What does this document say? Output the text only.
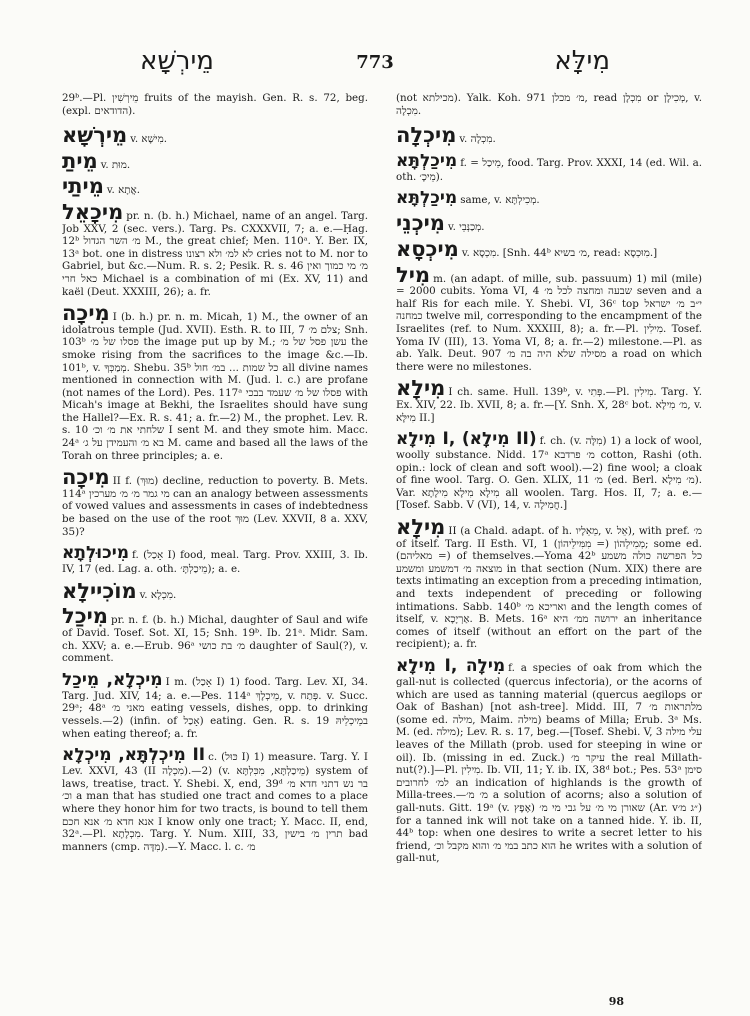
מֵירְשָׁא	773	מִילָּא

29ᵇ.—Pl. מֵירְשִׁין fruits of the mayish. Gen. R. s. 72, beg. (expl. הדודאים).

מֵירְשָׁא v. מִישָׁא.

מֵיתַ v. מוּת.

מֵיתַי v. אֲתָא.

מִיכָאֵל pr. n. (b. h.) Michael, name of an angel. Targ. Job XXV, 2 (sec. vers.). Targ. Ps. CXXXVII, 7; a. e.—Ḥag. 12ᵇ מ׳ השר הגדול M., the great chief; Men. 110ᵃ. Y. Ber. IX, 13ᵃ bot. one in distress לא למ׳ ולא רצונו cries not to M. nor to Gabriel, but &c.—Num. R. s. 2; Pesik. R. s. 46 מ׳ מי כמוך ואין כאל חרי Michael is a combination of mi (Ex. XV, 11) and kaël (Deut. XXXIII, 26); a. fr.

מִיכָה I (b. h.) pr. n. m. Micah, 1) M., the owner of an idolatrous temple (Jud. XVII). Esth. R. to III, 7 צלם מ׳; Snh. 103ᵇ פסלו של מ׳ the image put up by M.; עשן פסל של מ׳ the smoke rising from the sacrifices to the image &c.—Ib. 101ᵇ, v. מְמַכְּךָ. Shebu. 35ᵇ כל שמות ... במ׳ חול all divine names mentioned in connection with M. (Jud. l. c.) are profane (not names of the Lord). Pes. 117ᵃ פסלו של מ׳ שעמד בבכי with Micah's image at Bekhi, the Israelites should have sung the Hallel?—Ex. R. s. 41; a. fr.—2) M., the prophet. Lev. R. s. 10 שלחתי את מ׳ וכ׳ I sent M. and they smote him. Macc. 24ᵃ בא מ׳ והעמידן על ג׳ M. came and based all the laws of the Torah on three principles; a. e.

מִיכָה II f. (מוּךְ) decline, reduction to poverty. B. Mets. 114ᵃ מי גמר מ׳ מ׳ מערכין can an analogy between assessments of vowed values and assessments in cases of indebtedness be based on the use of the root מוּךְ (Lev. XXVII, 8 a. XXV, 35)?

מִיכוּלְתָא f. (אָכַל I) food, meal. Targ. Prov. XXIII, 3. Ib. IV, 17 (ed. Lag. a. oth. מֵיכַלְתָּ׳); a. e.

מוֹכִיילָא v. מִכְלָא.

מִיכַל pr. n. f. (b. h.) Michal, daughter of Saul and wife of David. Tosef. Sot. XI, 15; Snh. 19ᵇ. Ib. 21ᵃ. Midr. Sam. ch. XXV; a. e.—Erub. 96ᵃ מ׳ בת כושי daughter of Saul(?), v. comment.

מִיכְלָא, מֵיכַל I m. (אָכַל I) 1) food. Targ. Lev. XI, 34. Targ. Jud. XIV, 14; a. e.—Pes. 114ᵃ מֵיכְלָךְ, v. פְּתַח. v. Succ. 29ᵃ; 48ᵃ מאני מ׳ eating vessels, dishes, opp. to drinking vessels.—2) (infin. of אָכַל) eating. Gen. R. s. 19 במֵיכְלֵיהּ when eating thereof; a. fr.

מִיכְלְתָּא, מִיכְלָא II c. (כּוּל I) 1) measure. Targ. Y. I Lev. XXVI, 43 (II מִכְלָה).—2) (v. מֵיכַלְתָּא, מִכִּלְתָּא) system of laws, treatise, tract. Y. Shebi. X, end, 39ᵈ בר נש דתני חדא מ׳ וכ׳ a man that has studied one tract and comes to a place where they honor him for two tracts, is bound to tell them אנא חדא מ׳ אנא חכם I know only one tract; Y. Macc. II, end, 32ᵃ.—Pl. מִכְלָתָא. Targ. Y. Num. XIII, 33, תרין מ׳ בישין bad manners (cmp. מִדָּה).—Y. Macc. l. c. מ׳

(not מכילתא). Yalk. Koh. 971 מ׳ מכלן, read מִכְלָן or מְכִילָן, v. מִכְלָה.

מִיכְלָה v. מִכְלָה.

מִיכַלְתָּא f. = מֵיכַל, food. Targ. Prov. XXXI, 14 (ed. Wil. a. oth. מֵיכָ׳).

מִיכַלְתָּא same, v. מְכִילְתָּא.

מִיכְנֵי v. מְכַנְּבֵי.

מִיכְסָא v. מִכְסָא. [Snh. 44ᵇ מ׳ בשיא, read: מִוּכְסָא.]

מִיל m. (an adapt. of mille, sub. passuum) 1) mil (mile) = 2000 cubits. Yoma VI, 4 שבעה ומחצה לכל מ׳ seven and a half Ris for each mile. Y. Shebi. VI, 36ᶜ top י״ב מ׳ ישראל כמחנה twelve mil, corresponding to the encampment of the Israelites (ref. to Num. XXXIII, 8); a. fr.—Pl. מִילִין. Tosef. Yoma IV (III), 13. Yoma VI, 8; a. fr.—2) milestone.—Pl. as ab. Yalk. Deut. 907 מסילה שלא היה בה מ׳ a road on which there were no milestones.

מִילָא I ch. same. Hull. 139ᵇ, v. פְּתִי.—Pl. מִילִין. Targ. Y. Ex. XIV, 22. Ib. XVII, 8; a. fr.—[Y. Snh. X, 28ᶜ bot. מ׳ מִילָא, v. מִילָּא II.]

מִילָא I, (מִילָא II) f. ch. (v. מִלָּה) 1) a lock of wool, woolly substance. Nidd. 17ᵃ מ׳ פרדבא cotton, Rashi (oth. opin.: lock of clean and soft wool).—2) fine wool; a cloak of fine wool. Targ. O. Gen. XLIX, 11 מ׳ (ed. Berl. מ׳ מִילָא). Var. מִילָא מִילָא מִילָתָא all woolen. Targ. Hos. II, 7; a. e.—[Tosef. Sabb. V (VI), 14, v. חֲמִילָה.]

מִילָא II (a Chald. adapt. of h. מֵאֵלָיו, v. אֵל), with pref. מ׳ of itself. Targ. II Esth. VI, 1 (מִמִּילֵיהוֹן =) מְמִילְהוֹן; some ed. (מאליהם =) of themselves.—Yoma 42ᵇ כל הפרשה כולה משמע מוצאה מ׳ דמשמע ומשמע in that section (Num. XIX) there are texts intimating an exception from a preceding intimation, and texts independent of preceding or following intimations. Sabb. 140ᵇ ואריכא מ׳ and the length comes of itself, v. אַרְיָכָא. B. Mets. 16ᵃ ירושה ממ׳ היא an inheritance comes of itself (without an effort on the part of the recipient); a. fr.

מִילָא I, מִילָה f. a species of oak from which the gall-nut is collected (quercus infectoria), or the acorns of which are used as tanning material (quercus aegilops or Oak of Bashan) [not ash-tree]. Midd. III, 7 מלתראות מ׳ (some ed. מילה, Maim. מילה) beams of Milla; Erub. 3ᵃ Ms. M. (ed. מילה); Lev. R. s. 17, beg.—[Tosef. Shebi. V, 3 עלי מילה leaves of the Millath (prob. used for steeping in wine or oil). Ib. (missing in ed. Zuck.) עיקר מ׳ the real Millath-nut(?).]—Pl. מִילִין. Ib. VII, 11; Y. ib. IX, 38ᵈ bot.; Pes. 53ᵃ סימן למ׳ לחרובים an indication of highlands is the growth of Milla-trees.—מ׳ מ׳ a solution of acorns; also a solution of gall-nuts. Gitt. 19ᵃ (v. אֶפֶץ) שאורן מי מ׳ על גבי מי מ׳ (Ar. v״ג מ׳) for a tanned ink will not take on a tanned hide. Y. ib. II, 44ᵇ top: when one desires to write a secret letter to his friend, הוא כתב במי מ׳ והוא מקבל וכ׳ he writes with a solution of gall-nut,

98
